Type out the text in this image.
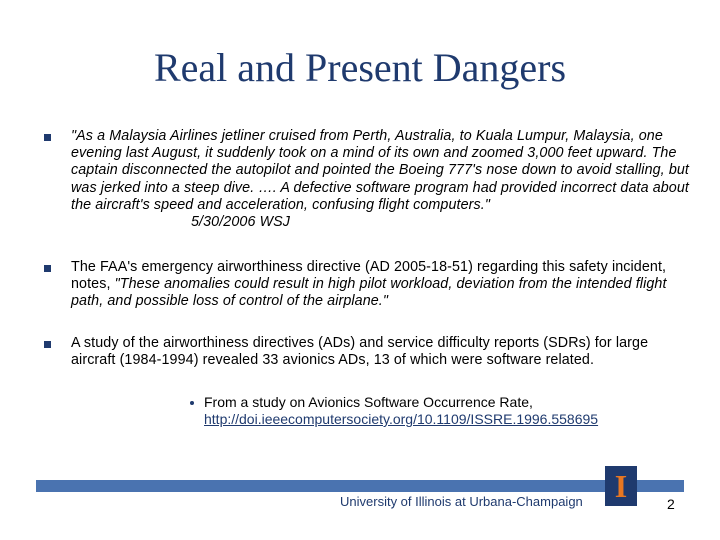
Real and Present Dangers
"As a Malaysia Airlines jetliner cruised from Perth, Australia, to Kuala Lumpur, Malaysia, one evening last August, it suddenly took on a mind of its own and zoomed 3,000 feet upward. The captain disconnected the autopilot and pointed the Boeing 777's nose down to avoid stalling, but was jerked into a steep dive. …. A defective software program had provided incorrect data about the aircraft's speed and acceleration, confusing flight computers." 5/30/2006 WSJ
The FAA's emergency airworthiness directive (AD 2005-18-51) regarding this safety incident, notes, "These anomalies could result in high pilot workload, deviation from the intended flight path, and possible loss of control of the airplane."
A study of the airworthiness directives (ADs) and service difficulty reports (SDRs) for large aircraft (1984-1994) revealed 33 avionics ADs, 13 of which were software related.
From a study on Avionics Software Occurrence Rate,
http://doi.ieeecomputersociety.org/10.1109/ISSRE.1996.558695
University of Illinois at Urbana-Champaign I	2
